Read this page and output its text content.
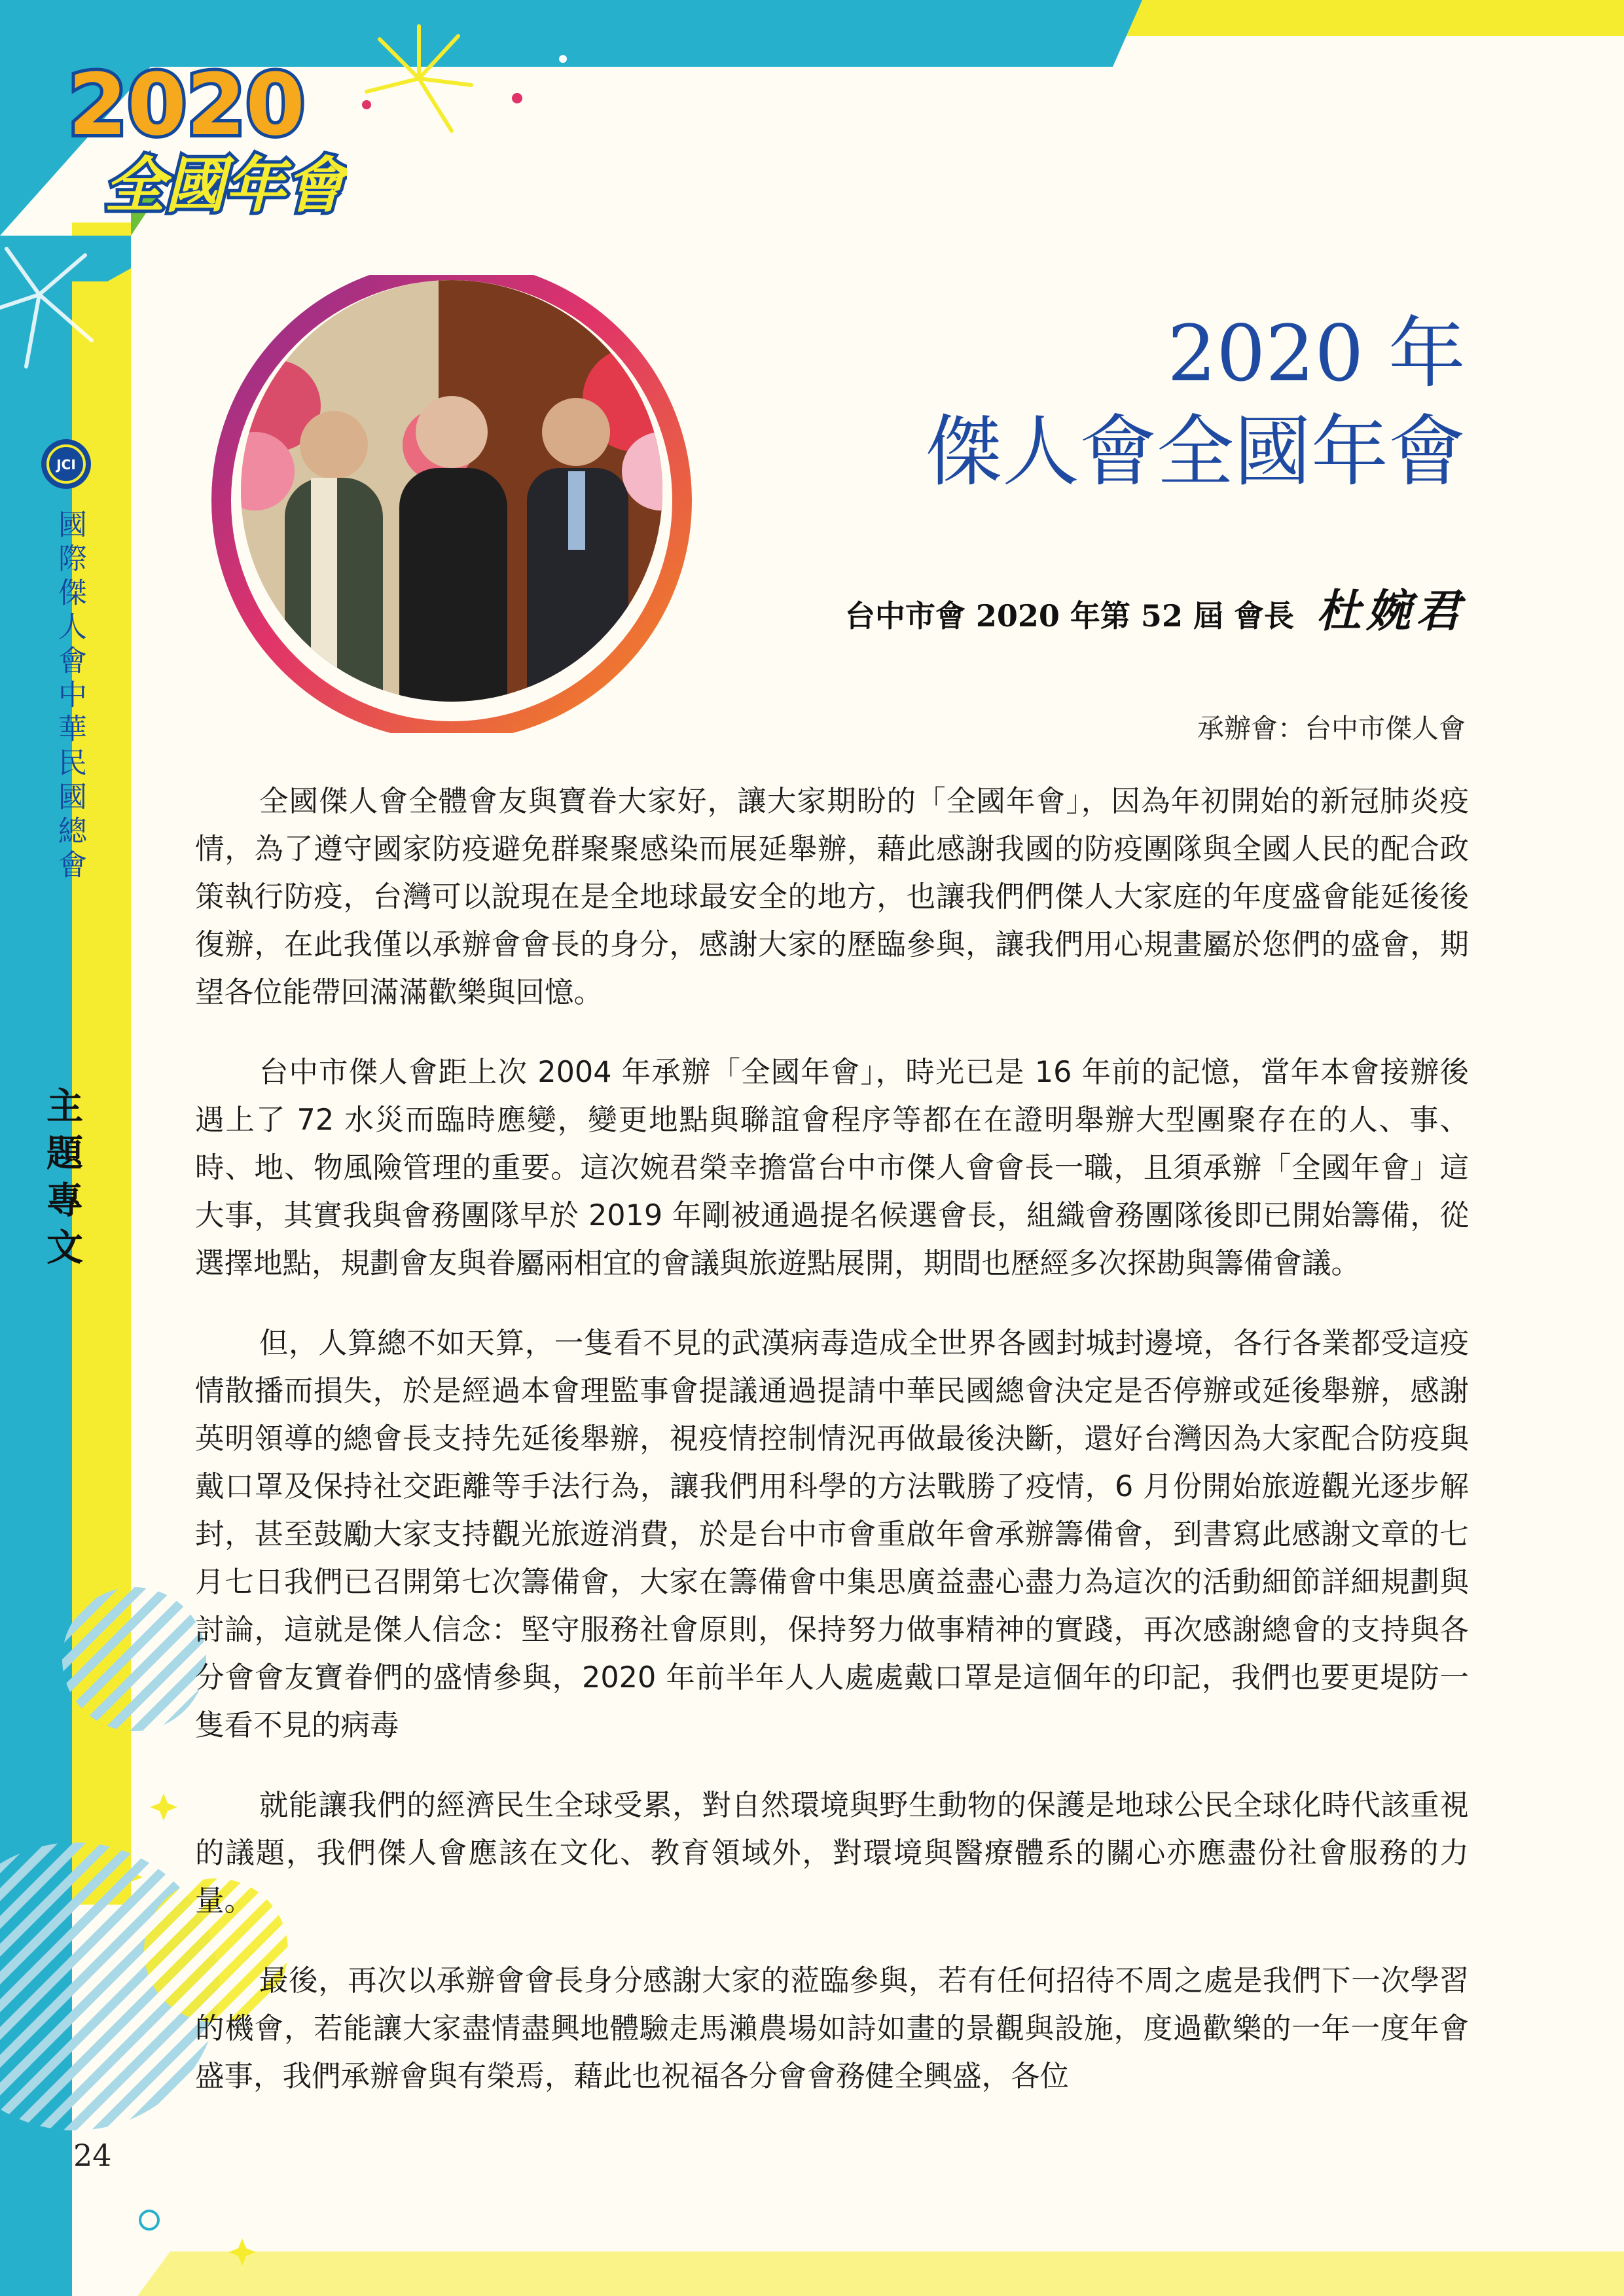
2020
全國年會
JCI
國際傑人會中華民國總會
主題專文
2020 年
傑人會全國年會
台中市會 2020 年第 52 屆 會長 杜婉君
承辦會：台中市傑人會

全國傑人會全體會友與寶眷大家好，讓大家期盼的「全國年會」，因為年初開始的新冠肺炎疫情，為了遵守國家防疫避免群聚聚感染而展延舉辦，藉此感謝我國的防疫團隊與全國人民的配合政策執行防疫，台灣可以說現在是全地球最安全的地方，也讓我們們傑人大家庭的年度盛會能延後後復辦，在此我僅以承辦會會長的身分，感謝大家的歷臨參與，讓我們用心規畫屬於您們的盛會，期望各位能帶回滿滿歡樂與回憶。

台中市傑人會距上次 2004 年承辦「全國年會」，時光已是 16 年前的記憶，當年本會接辦後遇上了 72 水災而臨時應變，變更地點與聯誼會程序等都在在證明舉辦大型團聚存在的人、事、時、地、物風險管理的重要。這次婉君榮幸擔當台中市傑人會會長一職，且須承辦「全國年會」這大事，其實我與會務團隊早於 2019 年剛被通過提名候選會長，組織會務團隊後即已開始籌備，從選擇地點，規劃會友與眷屬兩相宜的會議與旅遊點展開，期間也歷經多次探勘與籌備會議。

但，人算總不如天算，一隻看不見的武漢病毒造成全世界各國封城封邊境，各行各業都受這疫情散播而損失，於是經過本會理監事會提議通過提請中華民國總會決定是否停辦或延後舉辦，感謝英明領導的總會長支持先延後舉辦，視疫情控制情況再做最後決斷，還好台灣因為大家配合防疫與戴口罩及保持社交距離等手法行為，讓我們用科學的方法戰勝了疫情，6 月份開始旅遊觀光逐步解封，甚至鼓勵大家支持觀光旅遊消費，於是台中市會重啟年會承辦籌備會，到書寫此感謝文章的七月七日我們已召開第七次籌備會，大家在籌備會中集思廣益盡心盡力為這次的活動細節詳細規劃與討論，這就是傑人信念：堅守服務社會原則，保持努力做事精神的實踐，再次感謝總會的支持與各分會會友寶眷們的盛情參與，2020 年前半年人人處處戴口罩是這個年的印記，我們也要更堤防一隻看不見的病毒

就能讓我們的經濟民生全球受累，對自然環境與野生動物的保護是地球公民全球化時代該重視的議題，我們傑人會應該在文化、教育領域外，對環境與醫療體系的關心亦應盡份社會服務的力量。

最後，再次以承辦會會長身分感謝大家的蒞臨參與，若有任何招待不周之處是我們下一次學習的機會，若能讓大家盡情盡興地體驗走馬瀨農場如詩如畫的景觀與設施，度過歡樂的一年一度年會盛事，我們承辦會與有榮焉，藉此也祝福各分會會務健全興盛，各位

24
